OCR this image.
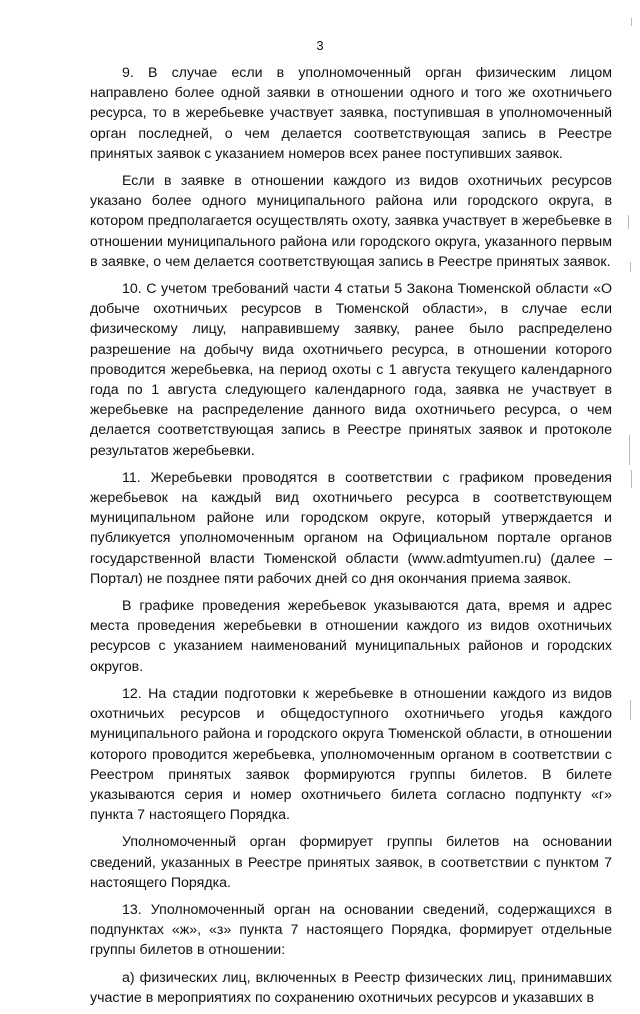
3

9. В случае если в уполномоченный орган физическим лицом направлено более одной заявки в отношении одного и того же охотничьего ресурса, то в жеребьевке участвует заявка, поступившая в уполномоченный орган последней, о чем делается соответствующая запись в Реестре принятых заявок с указанием номеров всех ранее поступивших заявок.

Если в заявке в отношении каждого из видов охотничьих ресурсов указано более одного муниципального района или городского округа, в котором предполагается осуществлять охоту, заявка участвует в жеребьевке в отношении муниципального района или городского округа, указанного первым в заявке, о чем делается соответствующая запись в Реестре принятых заявок.

10. С учетом требований части 4 статьи 5 Закона Тюменской области «О добыче охотничьих ресурсов в Тюменской области», в случае если физическому лицу, направившему заявку, ранее было распределено разрешение на добычу вида охотничьего ресурса, в отношении которого проводится жеребьевка, на период охоты с 1 августа текущего календарного года по 1 августа следующего календарного года, заявка не участвует в жеребьевке на распределение данного вида охотничьего ресурса, о чем делается соответствующая запись в Реестре принятых заявок и протоколе результатов жеребьевки.

11. Жеребьевки проводятся в соответствии с графиком проведения жеребьевок на каждый вид охотничьего ресурса в соответствующем муниципальном районе или городском округе, который утверждается и публикуется уполномоченным органом на Официальном портале органов государственной власти Тюменской области (www.admtyumen.ru) (далее – Портал) не позднее пяти рабочих дней со дня окончания приема заявок.

В графике проведения жеребьевок указываются дата, время и адрес места проведения жеребьевки в отношении каждого из видов охотничьих ресурсов с указанием наименований муниципальных районов и городских округов.

12. На стадии подготовки к жеребьевке в отношении каждого из видов охотничьих ресурсов и общедоступного охотничьего угодья каждого муниципального района и городского округа Тюменской области, в отношении которого проводится жеребьевка, уполномоченным органом в соответствии с Реестром принятых заявок формируются группы билетов. В билете указываются серия и номер охотничьего билета согласно подпункту «г» пункта 7 настоящего Порядка.

Уполномоченный орган формирует группы билетов на основании сведений, указанных в Реестре принятых заявок, в соответствии с пунктом 7 настоящего Порядка.

13. Уполномоченный орган на основании сведений, содержащихся в подпунктах «ж», «з» пункта 7 настоящего Порядка, формирует отдельные группы билетов в отношении:

а) физических лиц, включенных в Реестр физических лиц, принимавших участие в мероприятиях по сохранению охотничьих ресурсов и указавших в
